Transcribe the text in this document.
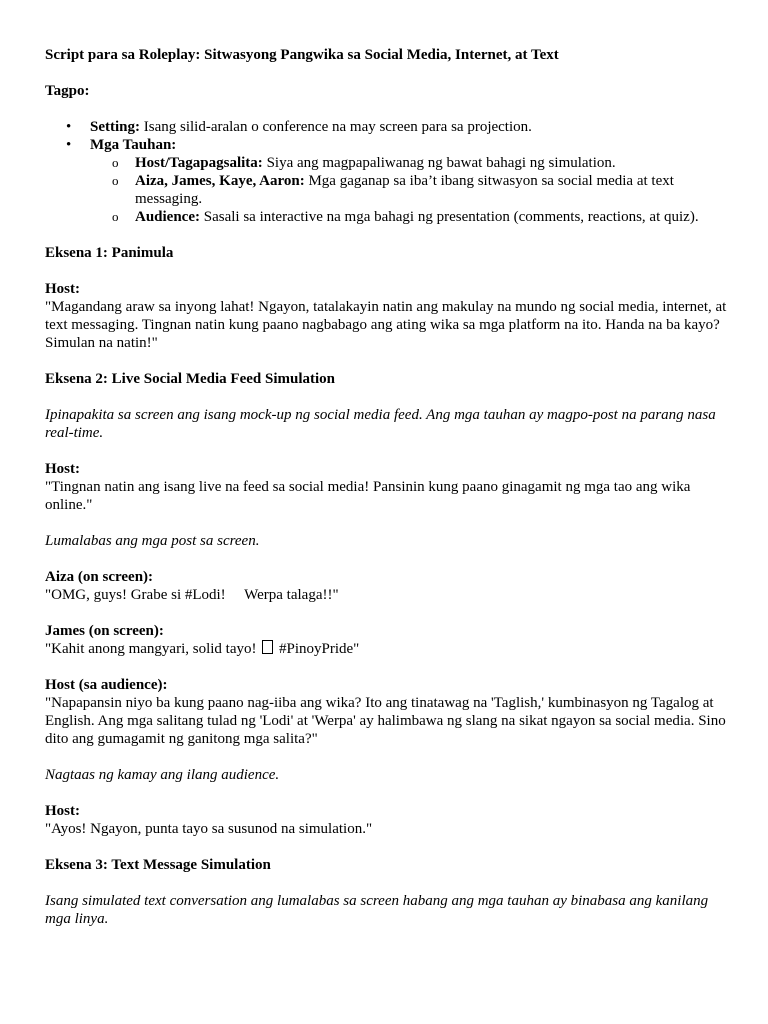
Script para sa Roleplay: Sitwasyong Pangwika sa Social Media, Internet, at Text

Tagpo:

• Setting: Isang silid-aralan o conference na may screen para sa projection.
• Mga Tauhan:
o Host/Tagapagsalita: Siya ang magpapaliwanag ng bawat bahagi ng simulation.
o Aiza, James, Kaye, Aaron: Mga gaganap sa iba’t ibang sitwasyon sa social media at text messaging.
o Audience: Sasali sa interactive na mga bahagi ng presentation (comments, reactions, at quiz).

Eksena 1: Panimula

Host:

"Magandang araw sa inyong lahat! Ngayon, tatalakayin natin ang makulay na mundo ng social media, internet, at text messaging. Tingnan natin kung paano nagbabago ang ating wika sa mga platform na ito. Handa na ba kayo? Simulan na natin!"

Eksena 2: Live Social Media Feed Simulation

Ipinapakita sa screen ang isang mock-up ng social media feed. Ang mga tauhan ay magpo-post na parang nasa real-time.

Host:

"Tingnan natin ang isang live na feed sa social media! Pansinin kung paano ginagamit ng mga tao ang wika online."

Lumalabas ang mga post sa screen.

Aiza (on screen):

"OMG, guys! Grabe si #Lodi!     Werpa talaga!!"

James (on screen):

"Kahit anong mangyari, solid tayo!  #PinoyPride"

Host (sa audience):

"Napapansin niyo ba kung paano nag-iiba ang wika? Ito ang tinatawag na 'Taglish,' kumbinasyon ng Tagalog at English. Ang mga salitang tulad ng 'Lodi' at 'Werpa' ay halimbawa ng slang na sikat ngayon sa social media. Sino dito ang gumagamit ng ganitong mga salita?"

Nagtaas ng kamay ang ilang audience.

Host:

"Ayos! Ngayon, punta tayo sa susunod na simulation."

Eksena 3: Text Message Simulation

Isang simulated text conversation ang lumalabas sa screen habang ang mga tauhan ay binabasa ang kanilang mga linya.
